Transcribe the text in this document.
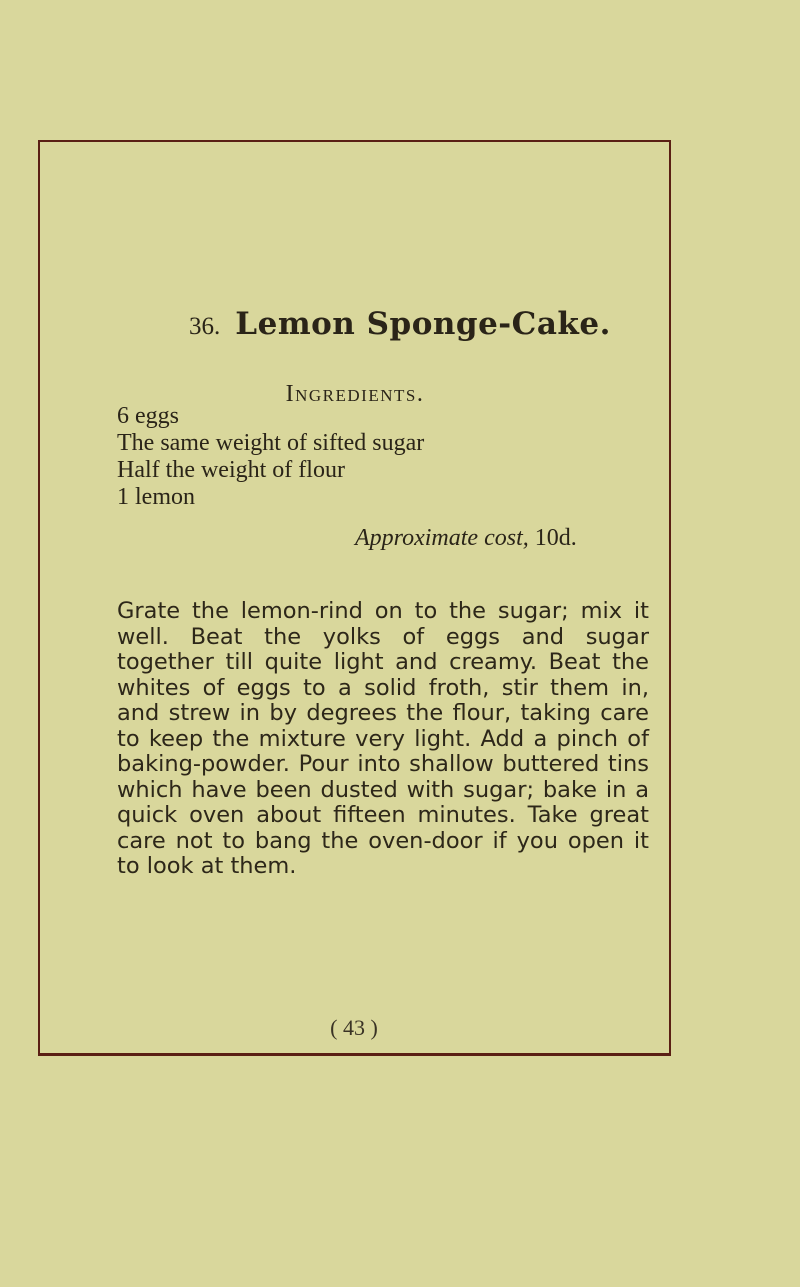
36. Lemon Sponge-Cake.
Ingredients.
6 eggs
The same weight of sifted sugar
Half the weight of flour
1 lemon
Approximate cost, 10d.

Grate the lemon-rind on to the sugar; mix it well. Beat the yolks of eggs and sugar together till quite light and creamy. Beat the whites of eggs to a solid froth, stir them in, and strew in by degrees the flour, taking care to keep the mixture very light. Add a pinch of baking-powder. Pour into shallow buttered tins which have been dusted with sugar; bake in a quick oven about fifteen minutes. Take great care not to bang the oven-door if you open it to look at them.

( 43 )
